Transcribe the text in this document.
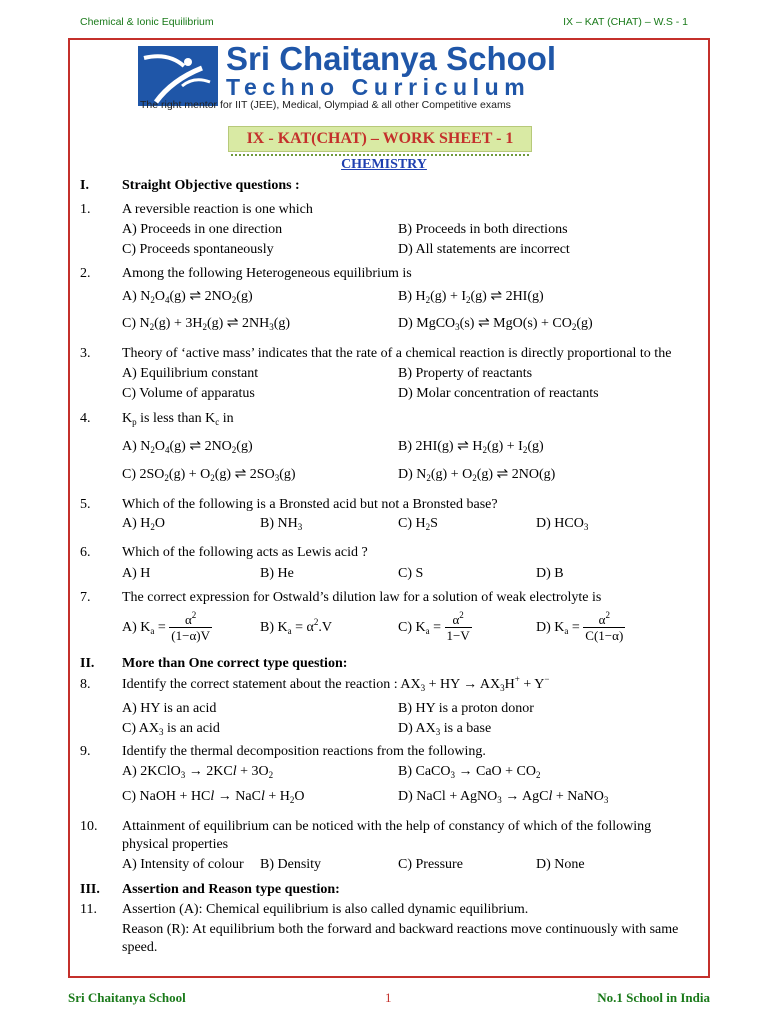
Chemical & Ionic Equilibrium	IX – KAT (CHAT) – W.S - 1
Sri Chaitanya School
Techno Curriculum
The right mentor for IIT (JEE), Medical, Olympiad & all other Competitive exams
IX - KAT(CHAT) – WORK SHEET - 1
CHEMISTRY
I. Straight Objective questions :
1. A reversible reaction is one which
A) Proceeds in one direction	B) Proceeds in both directions
C) Proceeds spontaneously	D) All statements are incorrect
2. Among the following Heterogeneous equilibrium is
A) $N_2O_4(g)$ ⇌ $2NO_2(g)$	B) $H_2(g) + I_2(g)$ ⇌ 2HI(g)
C) $N_2(g) + 3H_2(g)$ ⇌ $2NH_3(g)$	D) MgCO$_3$(s) ⇌ $MgO(s) + CO_2(g)$
3. Theory of ‘active mass’ indicates that the rate of a chemical reaction is directly proportional to the
A) Equilibrium constant	B) Property of reactants
C) Volume of apparatus	D) Molar concentration of reactants
4. $K_p$ is less than $K_c$ in
A) $N_2O_4(g)$ ⇌ $2NO_2(g)$	B) 2HI(g) ⇌ $H_2(g) + I_2(g)$
C) $2SO_2(g) + O_2(g)$ ⇌ $2SO_3(g)$	D) $N_2(g) + O_2(g)$ ⇌ 2NO(g)
5. Which of the following is a Bronsted acid but not a Bronsted base?
A) $H_2O$	B) $NH_3$	C) $H_2S$	D) $HCO_3$
6. Which of the following acts as Lewis acid ?
A) H	B) He	C) S	D) B
7. The correct expression for Ostwald’s dilution law for a solution of weak electrolyte is
A) $K_a = \frac{\alpha^2}{(1-\alpha)V}$	B) $K_a = \alpha^2.V$	C) $K_a = \frac{\alpha^2}{1-V}$	D) $K_a = \frac{\alpha^2}{C(1-\alpha)}$
II. More than One correct type question:
8. Identify the correct statement about the reaction : $AX_3$ + HY → $AX_3H^+ + Y^-$
A) HY is an acid	B) HY is a proton donor
C) $AX_3$ is an acid	D) $AX_3$ is a base
9. Identify the thermal decomposition reactions from the following.
A) 2KClO$_3$ → $2KCl + 3O_2$	B) CaCO$_3$ → CaO + $CO_2$
C) NaOH + HCl → NaCl + $H_2O$	D) NaCl + AgNO$_3$ → AgCl + NaNO$_3$
10. Attainment of equilibrium can be noticed with the help of constancy of which of the following
physical properties
A) Intensity of colour B) Density	C) Pressure	D) None
III. Assertion and Reason type question:
11. Assertion (A): Chemical equilibrium is also called dynamic equilibrium.
Reason (R): At equilibrium both the forward and backward reactions move continuously with same
speed.
Sri Chaitanya School	1	No.1 School in India
